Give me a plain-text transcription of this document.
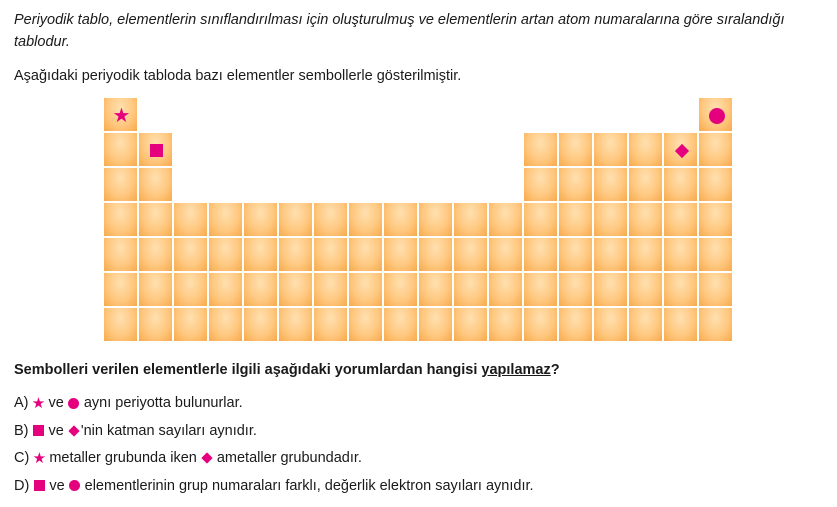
Periyodik tablo, elementlerin sınıflandırılması için oluşturulmuş ve elementlerin artan atom numaralarına göre sıralandığı tablodur.

Aşağıdaki periyodik tabloda bazı elementler sembollerle gösterilmiştir.

★

Sembolleri verilen elementlerle ilgili aşağıdaki yorumlardan hangisi yapılamaz?

A) ★ ve aynı periyotta bulunurlar.
B) ve 'nin katman sayıları aynıdır.
C) ★ metaller grubunda iken ametaller grubundadır.
D) ve elementlerinin grup numaraları farklı, değerlik elektron sayıları aynıdır.
